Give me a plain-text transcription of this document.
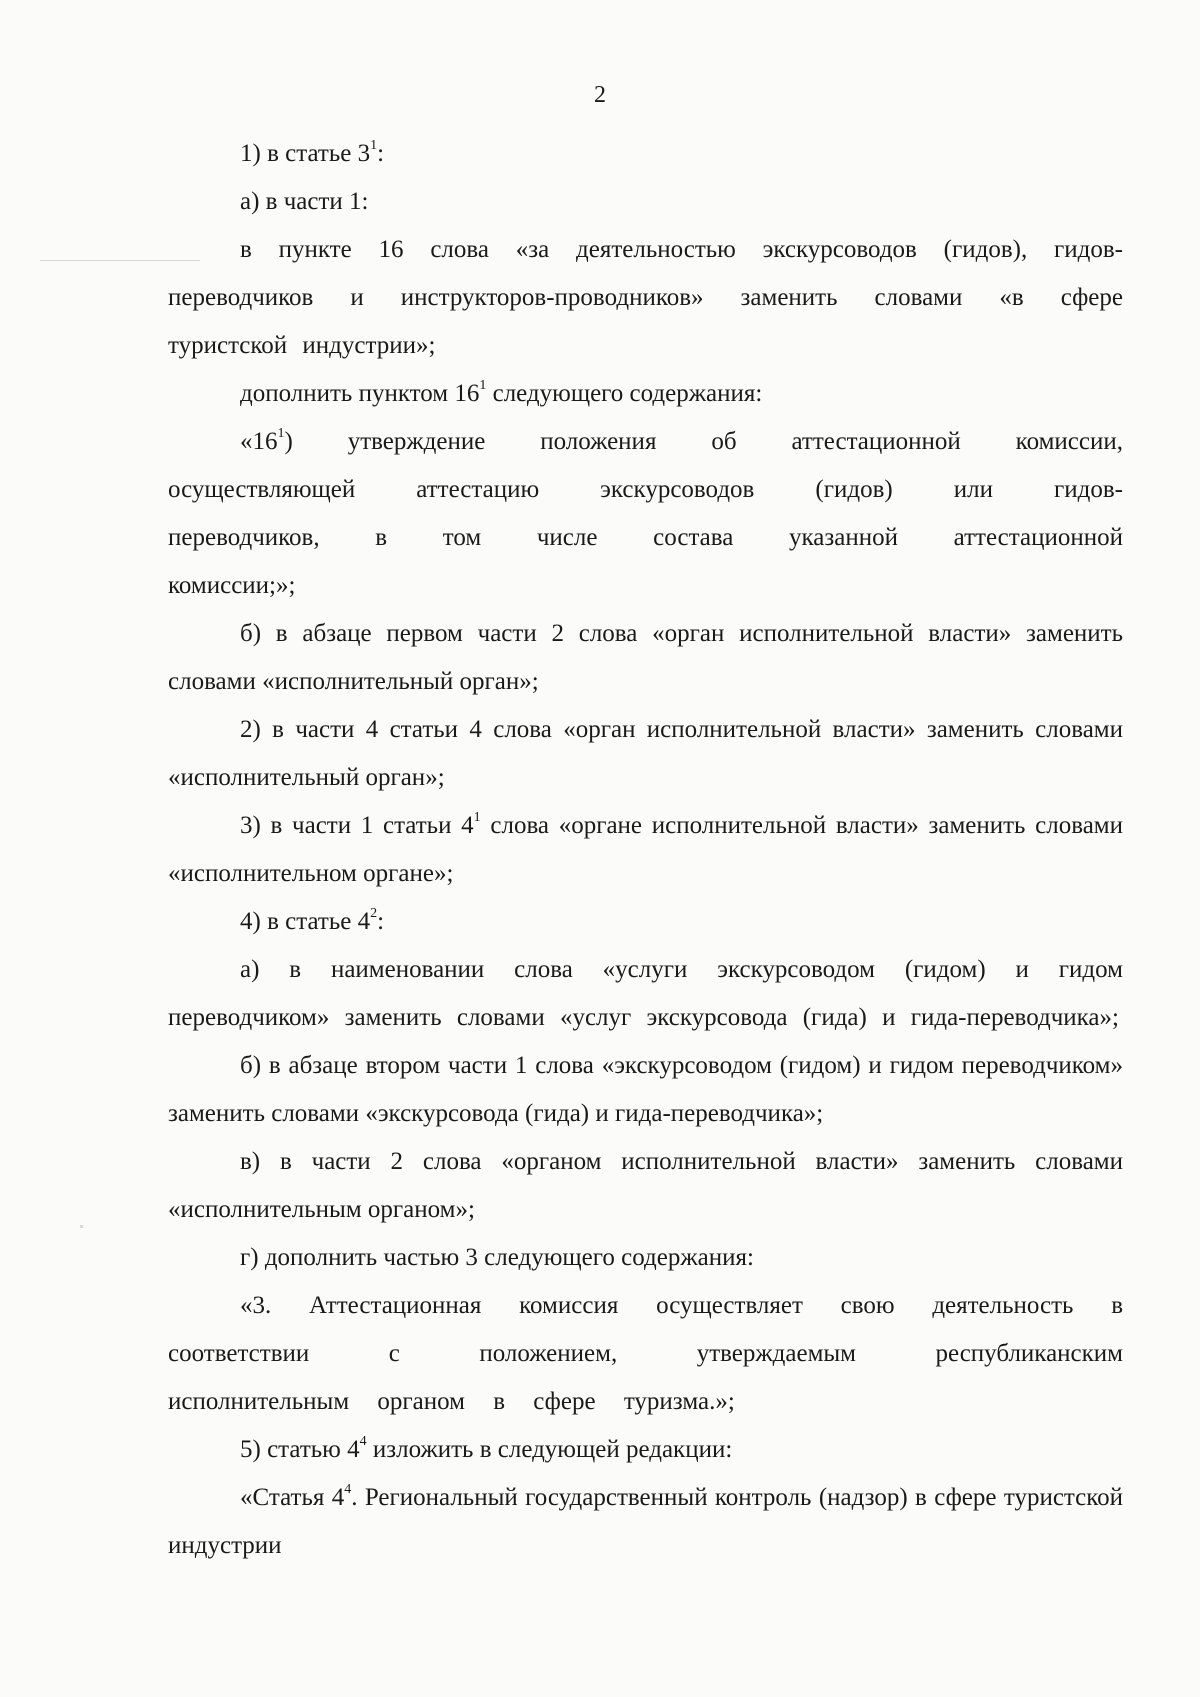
2

1) в статье $3^1$:

а) в части 1:

в пункте 16 слова «за деятельностью экскурсоводов (гидов), гидов-переводчиков и инструкторов-проводников» заменить словами «в сфере туристской индустрии»;

дополнить пунктом $16^1$ следующего содержания:

«$16^1$) утверждение положения об аттестационной комиссии, осуществляющей аттестацию экскурсоводов (гидов) или гидов-переводчиков, в том числе состава указанной аттестационной комиссии;»;

б) в абзаце первом части 2 слова «орган исполнительной власти» заменить словами «исполнительный орган»;

2) в части 4 статьи 4 слова «орган исполнительной власти» заменить словами «исполнительный орган»;

3) в части 1 статьи $4^1$ слова «органе исполнительной власти» заменить словами «исполнительном органе»;

4) в статье $4^2$:

а) в наименовании слова «услуги экскурсоводом (гидом) и гидом переводчиком» заменить словами «услуг экскурсовода (гида) и гида-переводчика»;

б) в абзаце втором части 1 слова «экскурсоводом (гидом) и гидом переводчиком» заменить словами «экскурсовода (гида) и гида-переводчика»;

в) в части 2 слова «органом исполнительной власти» заменить словами «исполнительным органом»;

г) дополнить частью 3 следующего содержания:

«3. Аттестационная комиссия осуществляет свою деятельность в соответствии с положением, утверждаемым республиканским исполнительным органом в сфере туризма.»;

5) статью $4^4$ изложить в следующей редакции:

«Статья $4^4$. Региональный государственный контроль (надзор) в сфере туристской индустрии
